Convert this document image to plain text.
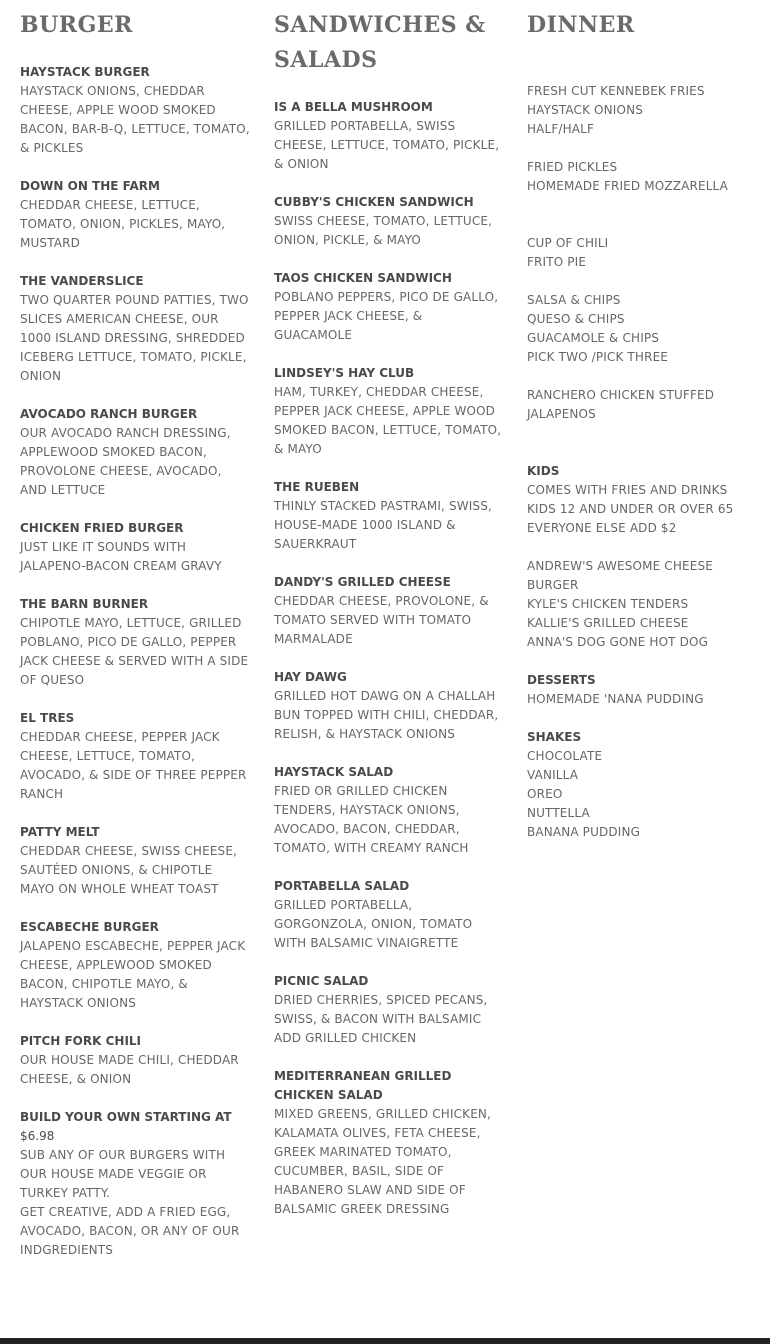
BURGER
HAYSTACK BURGER
HAYSTACK ONIONS, CHEDDAR CHEESE, APPLE WOOD SMOKED BACON, BAR-B-Q, LETTUCE, TOMATO, & PICKLES
DOWN ON THE FARM
CHEDDAR CHEESE, LETTUCE, TOMATO, ONION, PICKLES, MAYO, MUSTARD
THE VANDERSLICE
TWO QUARTER POUND PATTIES, TWO SLICES AMERICAN CHEESE, OUR 1000 ISLAND DRESSING, SHREDDED ICEBERG LETTUCE, TOMATO, PICKLE, ONION
AVOCADO RANCH BURGER
OUR AVOCADO RANCH DRESSING, APPLEWOOD SMOKED BACON, PROVOLONE CHEESE, AVOCADO, AND LETTUCE
CHICKEN FRIED BURGER
JUST LIKE IT SOUNDS WITH JALAPENO-BACON CREAM GRAVY
THE BARN BURNER
CHIPOTLE MAYO, LETTUCE, GRILLED POBLANO, PICO DE GALLO, PEPPER JACK CHEESE & SERVED WITH A SIDE OF QUESO
EL TRES
CHEDDAR CHEESE, PEPPER JACK CHEESE, LETTUCE, TOMATO, AVOCADO, & SIDE OF THREE PEPPER RANCH
PATTY MELT
CHEDDAR CHEESE, SWISS CHEESE, SAUTÉED ONIONS, & CHIPOTLE MAYO ON WHOLE WHEAT TOAST
ESCABECHE BURGER
JALAPENO ESCABECHE, PEPPER JACK CHEESE, APPLEWOOD SMOKED BACON, CHIPOTLE MAYO, & HAYSTACK ONIONS
PITCH FORK CHILI
OUR HOUSE MADE CHILI, CHEDDAR CHEESE, & ONION
BUILD YOUR OWN STARTING AT $6.98
SUB ANY OF OUR BURGERS WITH OUR HOUSE MADE VEGGIE OR TURKEY PATTY.
GET CREATIVE, ADD A FRIED EGG, AVOCADO, BACON, OR ANY OF OUR INDGREDIENTS
SANDWICHES & SALADS
IS A BELLA MUSHROOM
GRILLED PORTABELLA, SWISS CHEESE, LETTUCE, TOMATO, PICKLE, & ONION
CUBBY'S CHICKEN SANDWICH
SWISS CHEESE, TOMATO, LETTUCE, ONION, PICKLE, & MAYO
TAOS CHICKEN SANDWICH
POBLANO PEPPERS, PICO DE GALLO, PEPPER JACK CHEESE, & GUACAMOLE
LINDSEY'S HAY CLUB
HAM, TURKEY, CHEDDAR CHEESE, PEPPER JACK CHEESE, APPLE WOOD SMOKED BACON, LETTUCE, TOMATO, & MAYO
THE RUEBEN
THINLY STACKED PASTRAMI, SWISS, HOUSE-MADE 1000 ISLAND & SAUERKRAUT
DANDY'S GRILLED CHEESE
CHEDDAR CHEESE, PROVOLONE, & TOMATO SERVED WITH TOMATO MARMALADE
HAY DAWG
GRILLED HOT DAWG ON A CHALLAH BUN TOPPED WITH CHILI, CHEDDAR, RELISH, & HAYSTACK ONIONS
HAYSTACK SALAD
FRIED OR GRILLED CHICKEN TENDERS, HAYSTACK ONIONS, AVOCADO, BACON, CHEDDAR, TOMATO, WITH CREAMY RANCH
PORTABELLA SALAD
GRILLED PORTABELLA, GORGONZOLA, ONION, TOMATO WITH BALSAMIC VINAIGRETTE
PICNIC SALAD
DRIED CHERRIES, SPICED PECANS, SWISS, & BACON WITH BALSAMIC
ADD GRILLED CHICKEN
MEDITERRANEAN GRILLED CHICKEN SALAD
MIXED GREENS, GRILLED CHICKEN, KALAMATA OLIVES, FETA CHEESE, GREEK MARINATED TOMATO, CUCUMBER, BASIL, SIDE OF HABANERO SLAW AND SIDE OF BALSAMIC GREEK DRESSING
DINNER
FRESH CUT KENNEBEK FRIES
HAYSTACK ONIONS
HALF/HALF
FRIED PICKLES
HOMEMADE FRIED MOZZARELLA
CUP OF CHILI
FRITO PIE
SALSA & CHIPS
QUESO & CHIPS
GUACAMOLE & CHIPS
PICK TWO /PICK THREE
RANCHERO CHICKEN STUFFED JALAPENOS
KIDS
COMES WITH FRIES AND DRINKS
KIDS 12 AND UNDER OR OVER 65
EVERYONE ELSE ADD $2
ANDREW'S AWESOME CHEESE BURGER
KYLE'S CHICKEN TENDERS
KALLIE'S GRILLED CHEESE
ANNA'S DOG GONE HOT DOG
DESSERTS
HOMEMADE 'NANA PUDDING
SHAKES
CHOCOLATE
VANILLA
OREO
NUTTELLA
BANANA PUDDING
